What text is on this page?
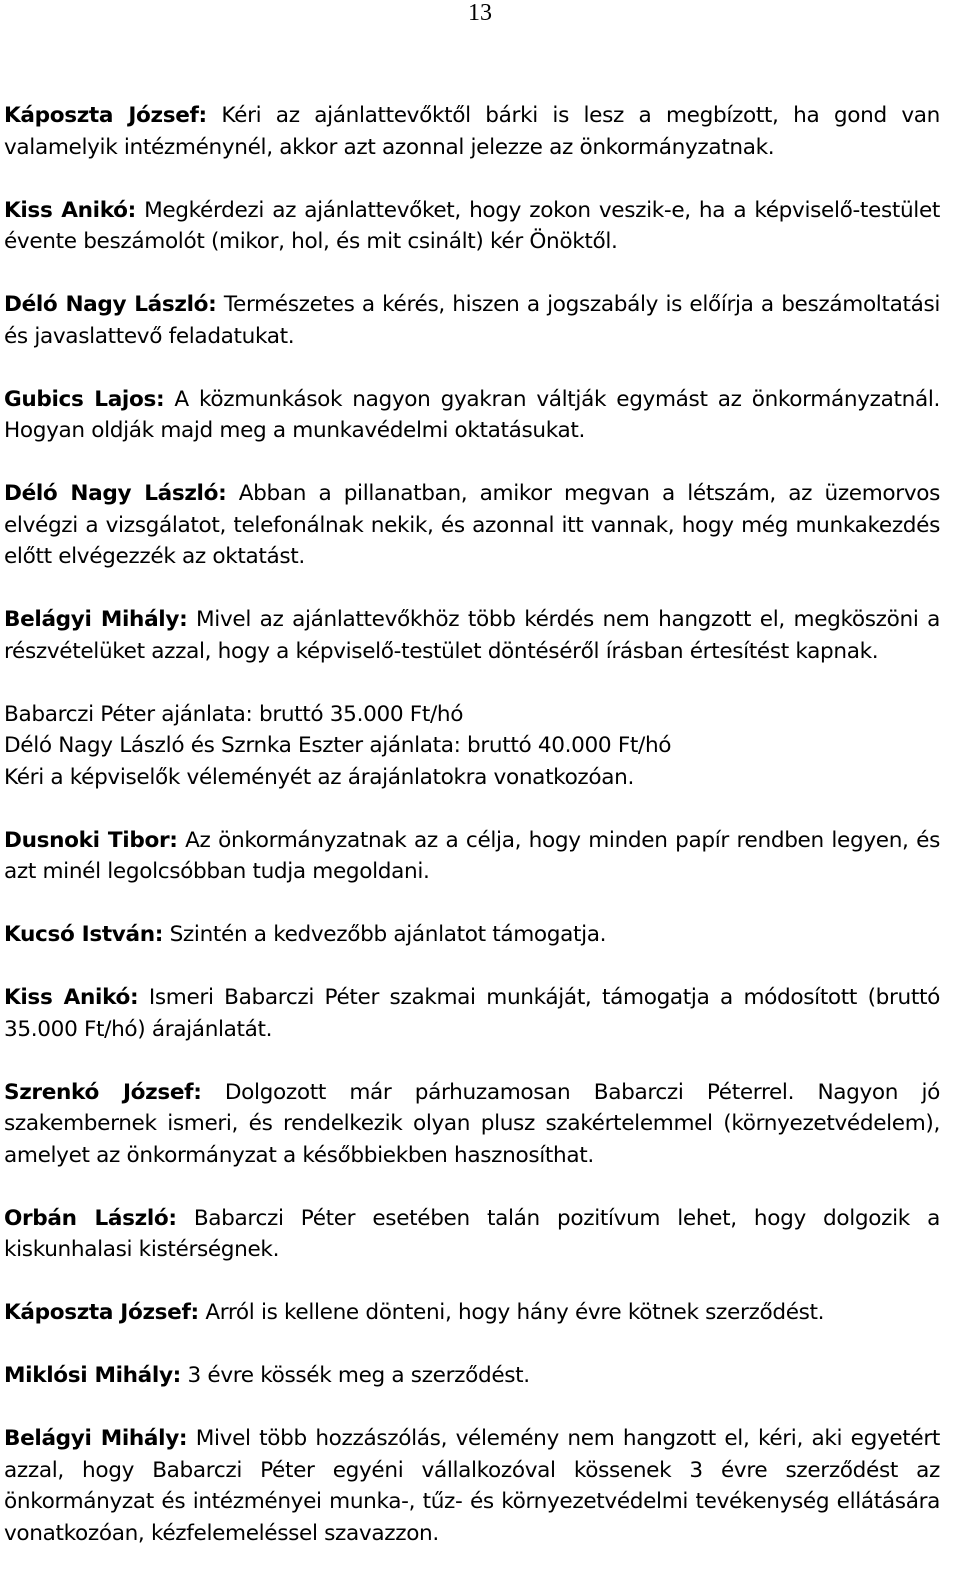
13

Káposzta József: Kéri az ajánlattevőktől bárki is lesz a megbízott, ha gond van valamelyik intézménynél, akkor azt azonnal jelezze az önkormányzatnak.

Kiss Anikó: Megkérdezi az ajánlattevőket, hogy zokon veszik-e, ha a képviselő-testület évente beszámolót (mikor, hol, és mit csinált) kér Önöktől.

Déló Nagy László: Természetes a kérés, hiszen a jogszabály is előírja a beszámoltatási és javaslattevő feladatukat.

Gubics Lajos: A közmunkások nagyon gyakran váltják egymást az önkormányzatnál. Hogyan oldják majd meg a munkavédelmi oktatásukat.

Déló Nagy László: Abban a pillanatban, amikor megvan a létszám, az üzemorvos elvégzi a vizsgálatot, telefonálnak nekik, és azonnal itt vannak, hogy még munkakezdés előtt elvégezzék az oktatást.

Belágyi Mihály: Mivel az ajánlattevőkhöz több kérdés nem hangzott el, megköszöni a részvételüket azzal, hogy a képviselő-testület döntéséről írásban értesítést kapnak.

Babarczi Péter ajánlata: bruttó 35.000 Ft/hó
Déló Nagy László és Szrnka Eszter ajánlata: bruttó 40.000 Ft/hó
Kéri a képviselők véleményét az árajánlatokra vonatkozóan.

Dusnoki Tibor: Az önkormányzatnak az a célja, hogy minden papír rendben legyen, és azt minél legolcsóbban tudja megoldani.

Kucsó István: Szintén a kedvezőbb ajánlatot támogatja.

Kiss Anikó: Ismeri Babarczi Péter szakmai munkáját, támogatja a módosított (bruttó 35.000 Ft/hó) árajánlatát.

Szrenkó József: Dolgozott már párhuzamosan Babarczi Péterrel. Nagyon jó szakembernek ismeri, és rendelkezik olyan plusz szakértelemmel (környezetvédelem), amelyet az önkormányzat a későbbiekben hasznosíthat.

Orbán László: Babarczi Péter esetében talán pozitívum lehet, hogy dolgozik a kiskunhalasi kistérségnek.

Káposzta József: Arról is kellene dönteni, hogy hány évre kötnek szerződést.

Miklósi Mihály: 3 évre kössék meg a szerződést.

Belágyi Mihály: Mivel több hozzászólás, vélemény nem hangzott el, kéri, aki egyetért azzal, hogy Babarczi Péter egyéni vállalkozóval kössenek 3 évre szerződést az önkormányzat és intézményei munka-, tűz- és környezetvédelmi tevékenység ellátására vonatkozóan, kézfelemeléssel szavazzon.
